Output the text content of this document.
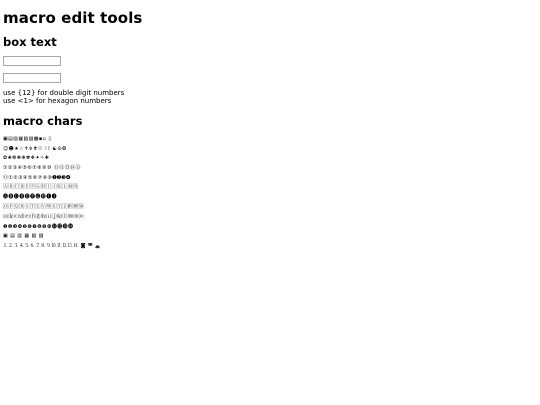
macro edit tools
box text

use {12} for double digit numbers

use <1> for hexagon numbers

macro chars
▣▤▥▦▧▨▩▪▫ ▯
☺☻★☆✝✞✟☉☽☾☯☮❂
✿❀❁❃❋✾❖✦✧✚
①②③④⑤⑥⑦⑧⑨⑩ ⑪⑫⑬⑭⑮
⓪①②③④⑤⑥⑦⑧⑨➊➋➌➍
🄰🄱🄲🄳🄴🄵🄶🄷🄸🄹🄺🄻🄼🄽
🅐🅑🅒🅓🅔🅕🅖🅗🅘🅙
🄾🄿🅀🅁🅂🅃🅄🅅🅆🅇🅈🅉🅊🅋🅌
⒜⒝⒞⒟⒠⒡⒢⒣⒤⒥⒦⒧⒨⒩⒪
❶❷❸❹❺❻❼❽❾❿⓫⓬⓭⓮
▣ ▤ ▥ ▦ ▧ ▨
⒈⒉⒊⒋⒌⒍⒎⒏⒐⒑⒒⒓⒔⒕ ◙ ◚ ◛
